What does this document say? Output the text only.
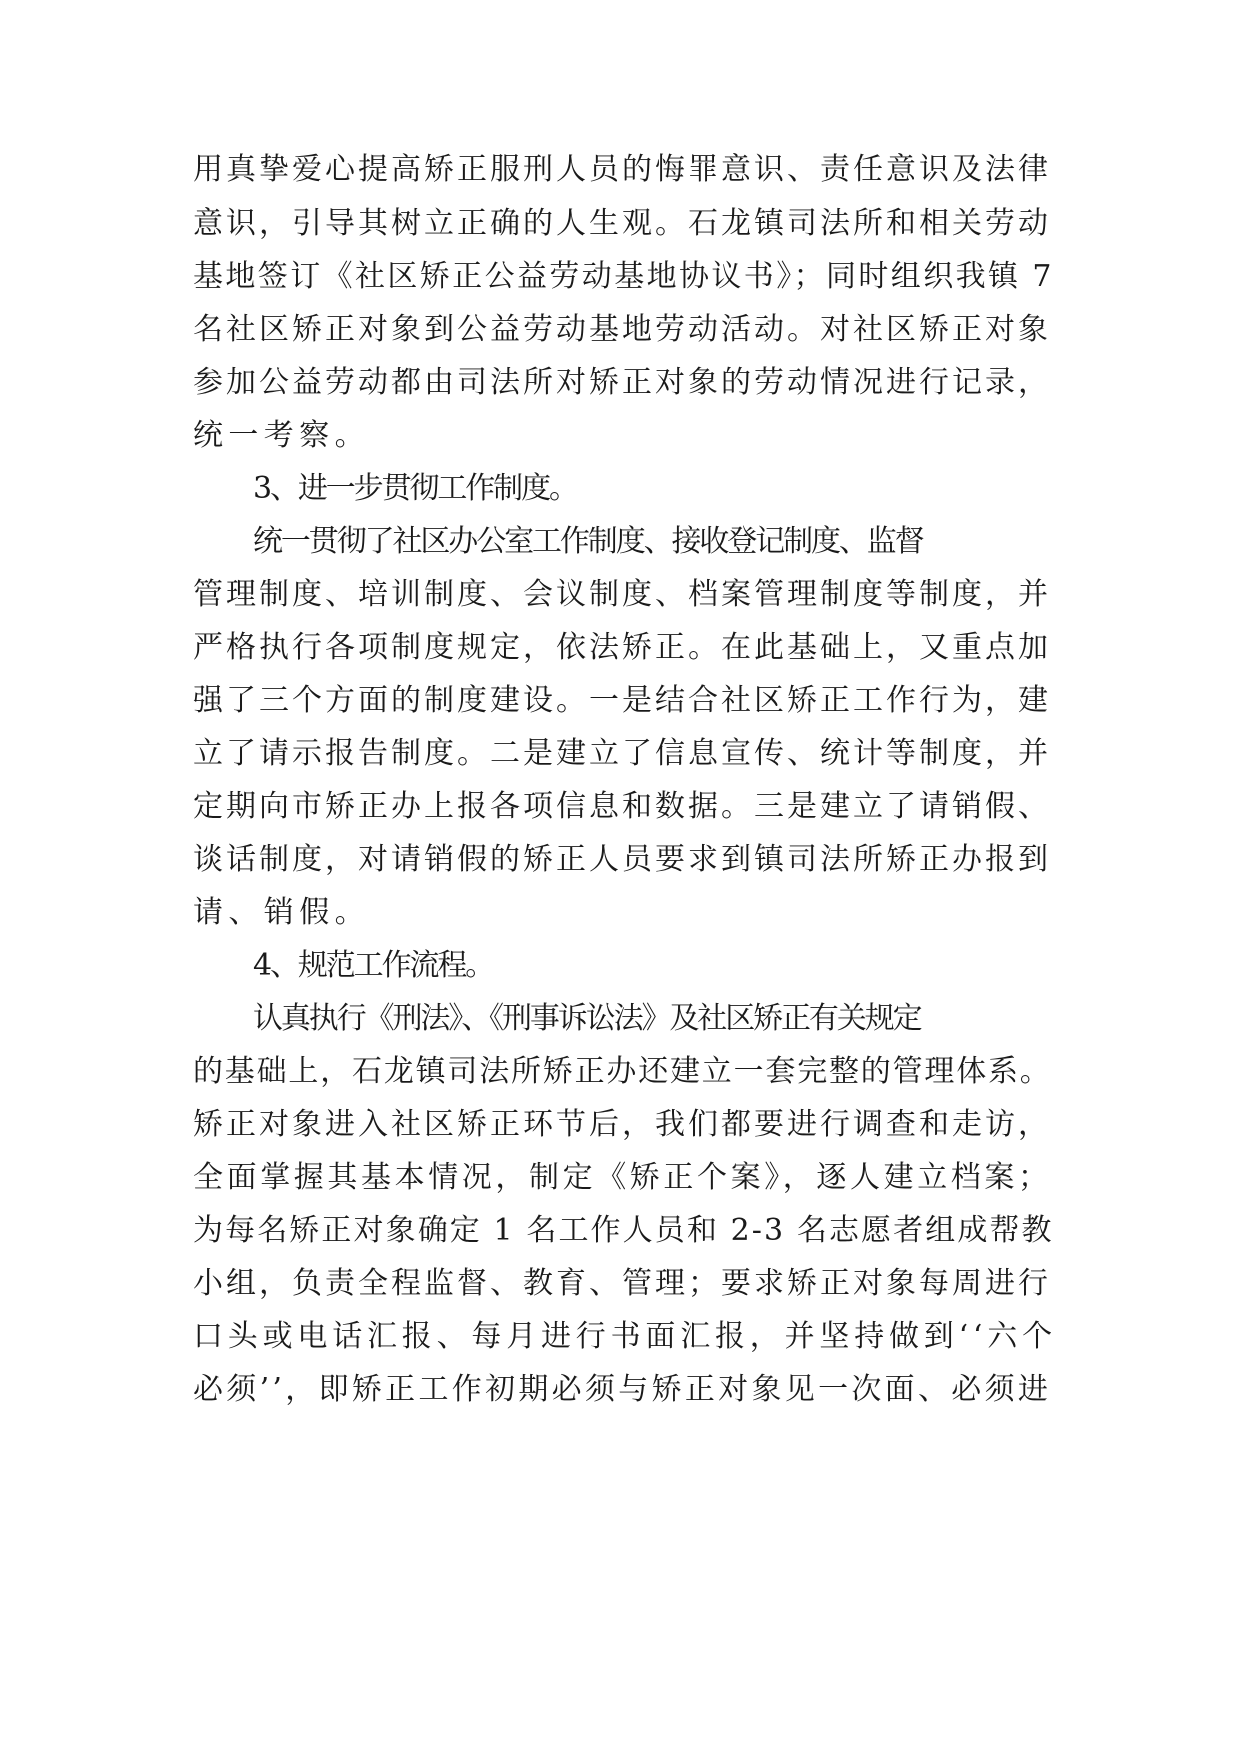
用真挚爱心提高矫正服刑人员的悔罪意识、责任意识及法律
意识，引导其树立正确的人生观。石龙镇司法所和相关劳动
基地签订《社区矫正公益劳动基地协议书》；同时组织我镇 7
名社区矫正对象到公益劳动基地劳动活动。对社区矫正对象
参加公益劳动都由司法所对矫正对象的劳动情况进行记录，
统一考察。
3、进一步贯彻工作制度。
统一贯彻了社区办公室工作制度、接收登记制度、监督
管理制度、培训制度、会议制度、档案管理制度等制度，并
严格执行各项制度规定，依法矫正。在此基础上，又重点加
强了三个方面的制度建设。一是结合社区矫正工作行为，建
立了请示报告制度。二是建立了信息宣传、统计等制度，并
定期向市矫正办上报各项信息和数据。三是建立了请销假、
谈话制度，对请销假的矫正人员要求到镇司法所矫正办报到
请、销假。
4、规范工作流程。
认真执行《刑法》、《刑事诉讼法》及社区矫正有关规定
的基础上，石龙镇司法所矫正办还建立一套完整的管理体系。
矫正对象进入社区矫正环节后，我们都要进行调查和走访，
全面掌握其基本情况，制定《矫正个案》，逐人建立档案；
为每名矫正对象确定 1 名工作人员和 2-3 名志愿者组成帮教
小组，负责全程监督、教育、管理；要求矫正对象每周进行
口头或电话汇报、每月进行书面汇报，并坚持做到‘‘六个
必须’’，即矫正工作初期必须与矫正对象见一次面、必须进
